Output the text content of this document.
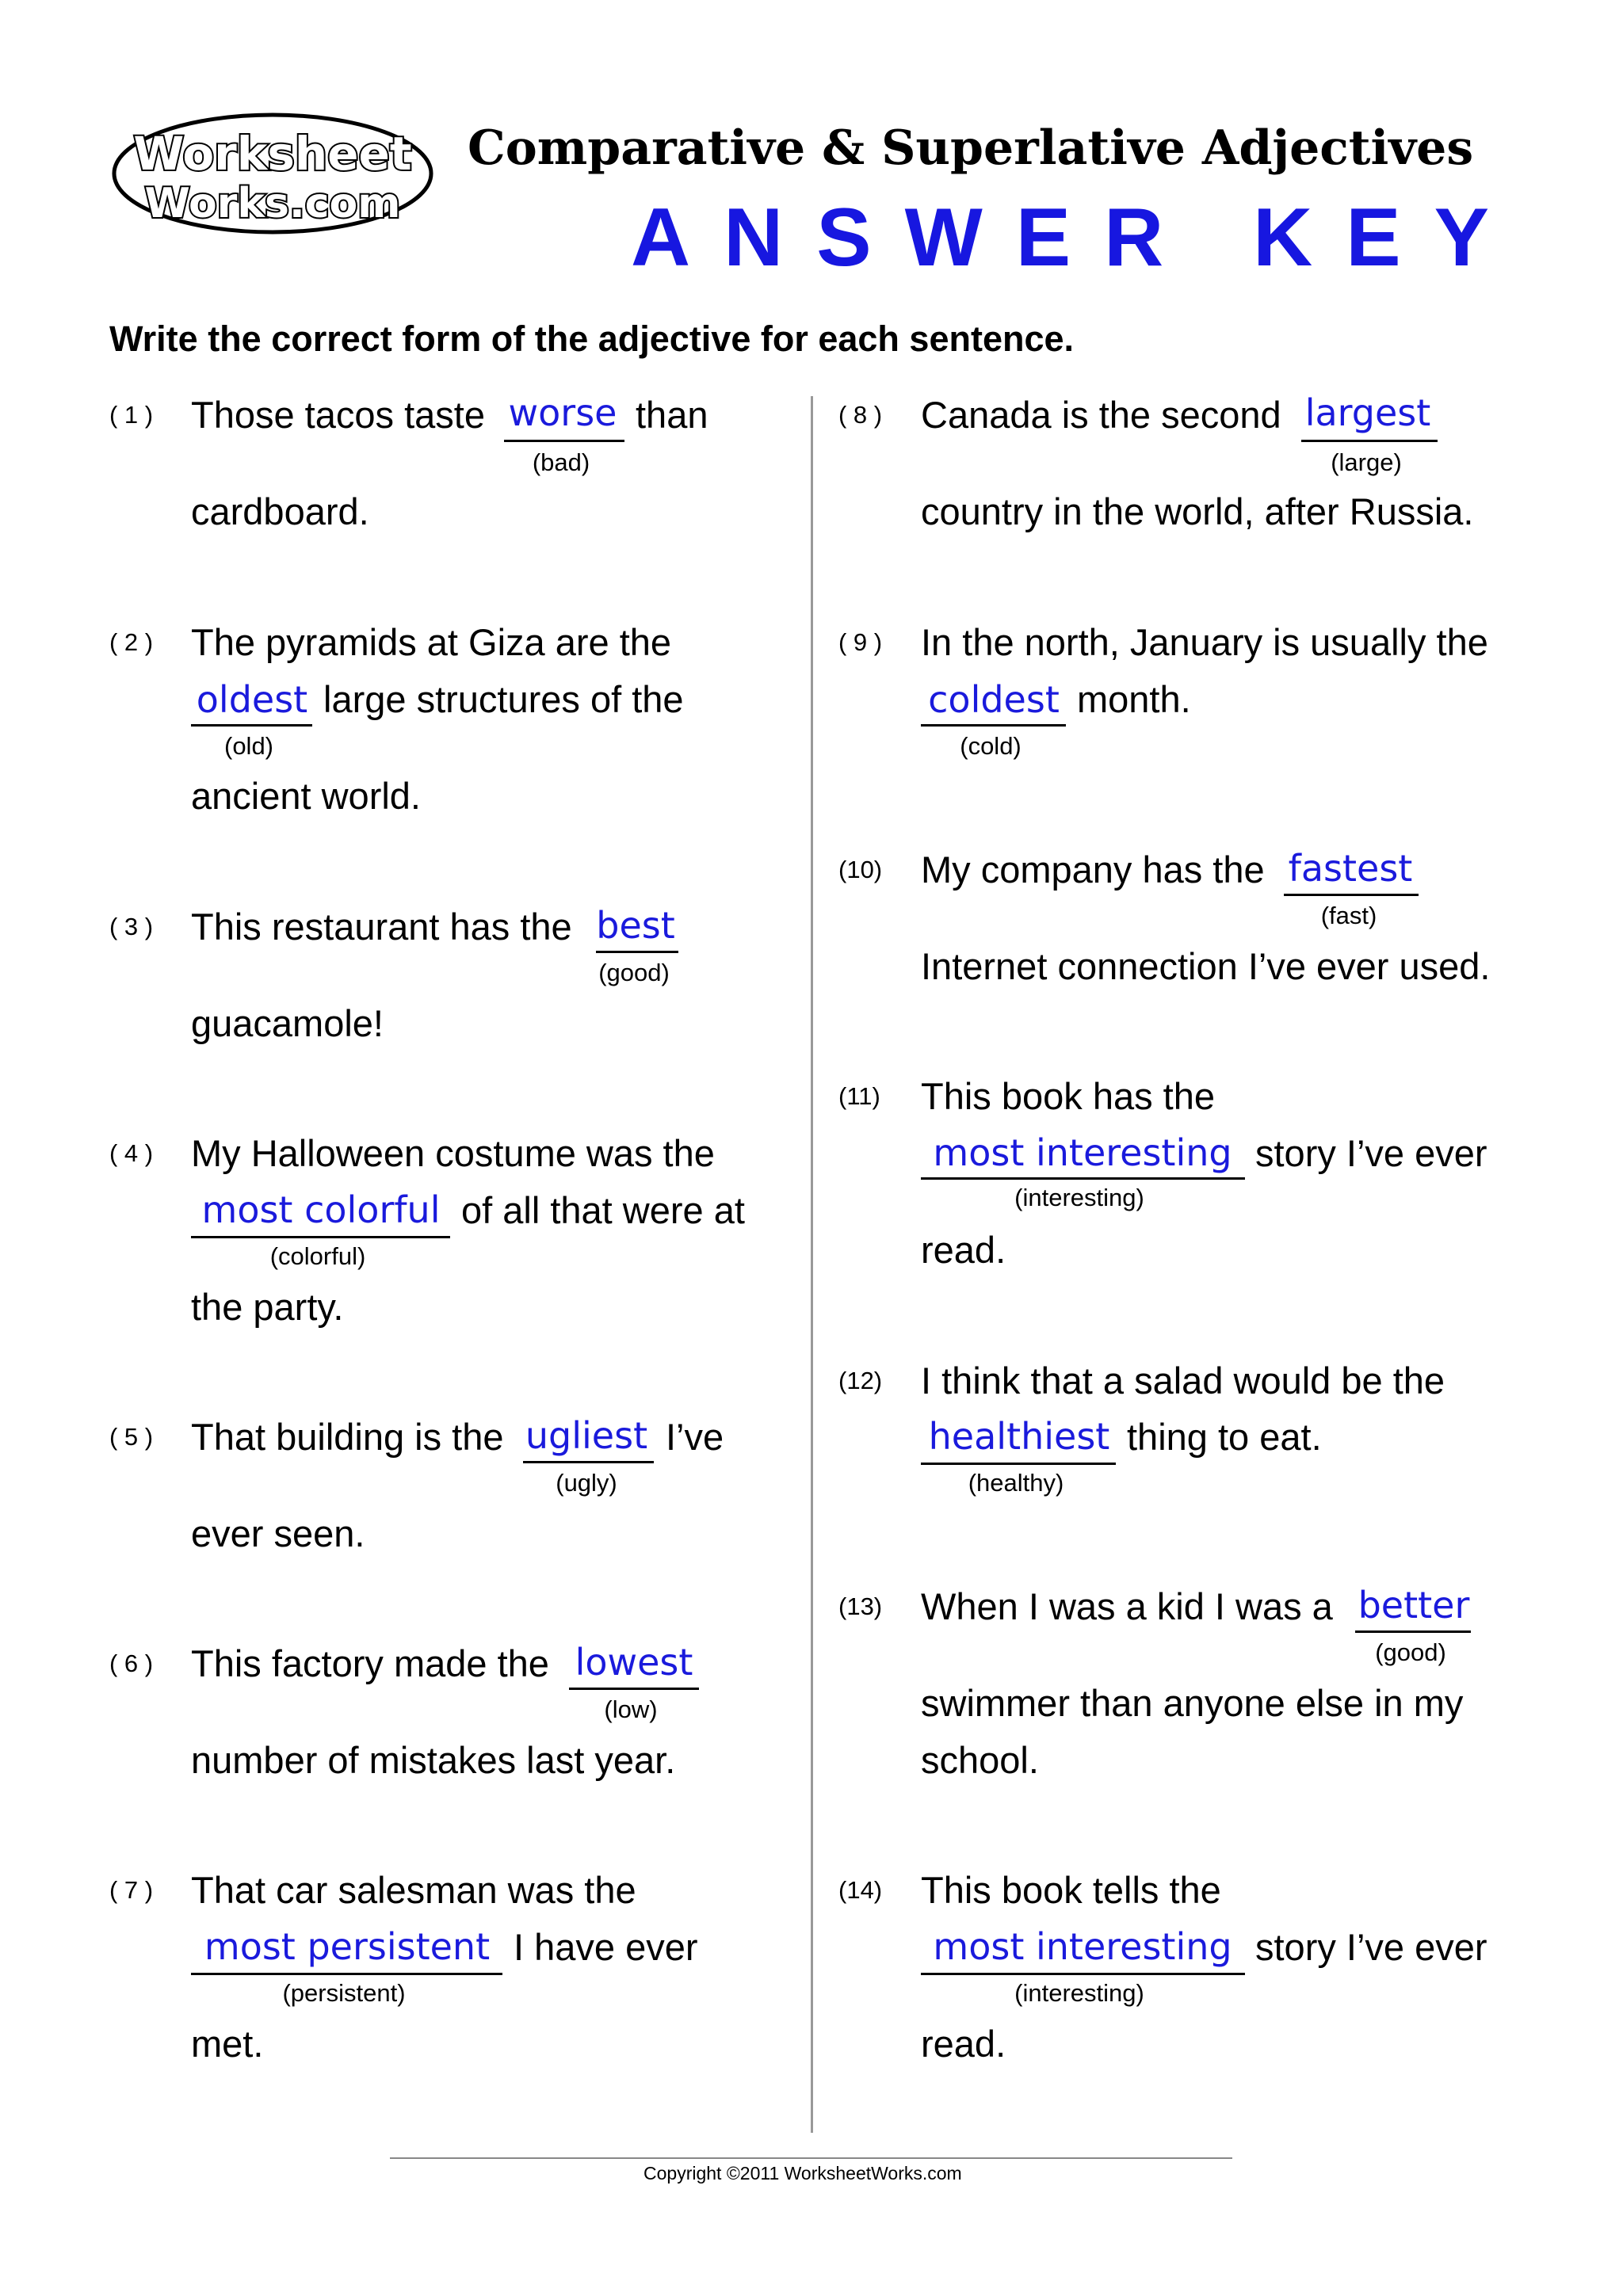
Worksheet
Works.com
Comparative & Superlative Adjectives
ANSWER KEY
Write the correct form of the adjective for each sentence.
( 1 ) Those tacos taste worse
(bad)
than
cardboard.
( 2 ) The pyramids at Giza are the
oldest
(old)
large structures of the
ancient world.
( 3 ) This restaurant has the best
(good)
guacamole!
( 4 ) My Halloween costume was the
most colorful
(colorful)
of all that were at
the party.
( 5 ) That building is the ugliest
(ugly)
I’ve
ever seen.
( 6 ) This factory made the lowest
(low)
number of mistakes last year.
( 7 ) That car salesman was the
most persistent
(persistent)
I have ever
met.
( 8 ) Canada is the second largest
(large)
country in the world, after Russia.
( 9 ) In the north, January is usually the
coldest
(cold)
month.
(10) My company has the fastest
(fast)
Internet connection I’ve ever used.
(11) This book has the
most interesting
(interesting)
story I’ve ever
read.
(12) I think that a salad would be the
healthiest
(healthy)
thing to eat.
(13) When I was a kid I was a better
(good)
swimmer than anyone else in my
school.
(14) This book tells the
most interesting
(interesting)
story I’ve ever
read.
Copyright ©2011 WorksheetWorks.com
